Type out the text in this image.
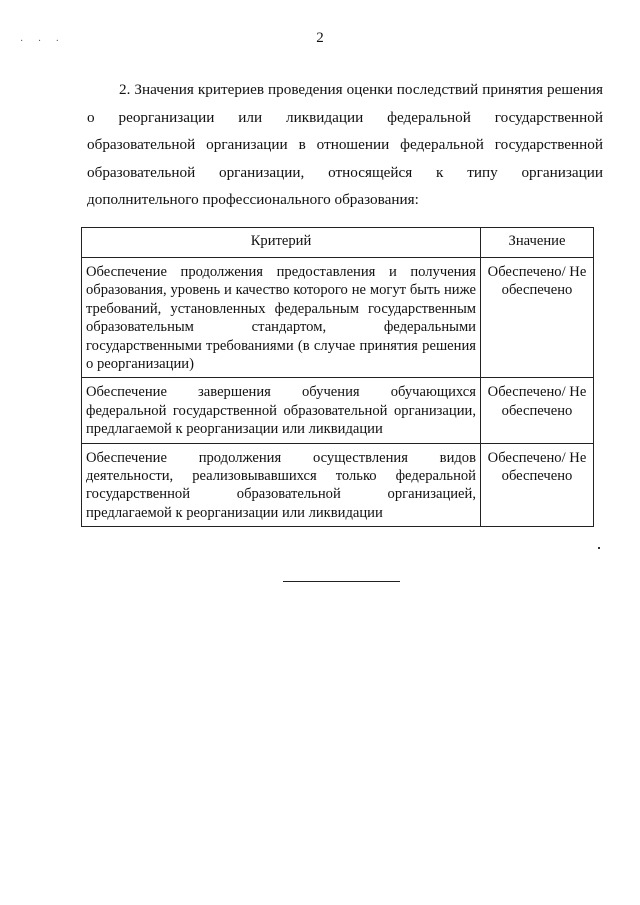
2
· · ·
2. Значения критериев проведения оценки последствий принятия решения о реорганизации или ликвидации федеральной государственной образовательной организации в отношении федеральной государственной образовательной организации, относящейся к типу организации дополнительного профессионального образования:
Критерий	Значение
Обеспечение продолжения предоставления и получения образования, уровень и качество которого не могут быть ниже требований, установленных федеральным государственным образовательным стандартом, федеральными государственными требованиями (в случае принятия решения о реорганизации)	Обеспечено/ Не обеспечено
Обеспечение завершения обучения обучающихся федеральной государственной образовательной организации, предлагаемой к реорганизации или ликвидации	Обеспечено/ Не обеспечено
Обеспечение продолжения осуществления видов деятельности, реализовывавшихся только федеральной государственной образовательной организацией, предлагаемой к реорганизации или ликвидации	Обеспечено/ Не обеспечено
